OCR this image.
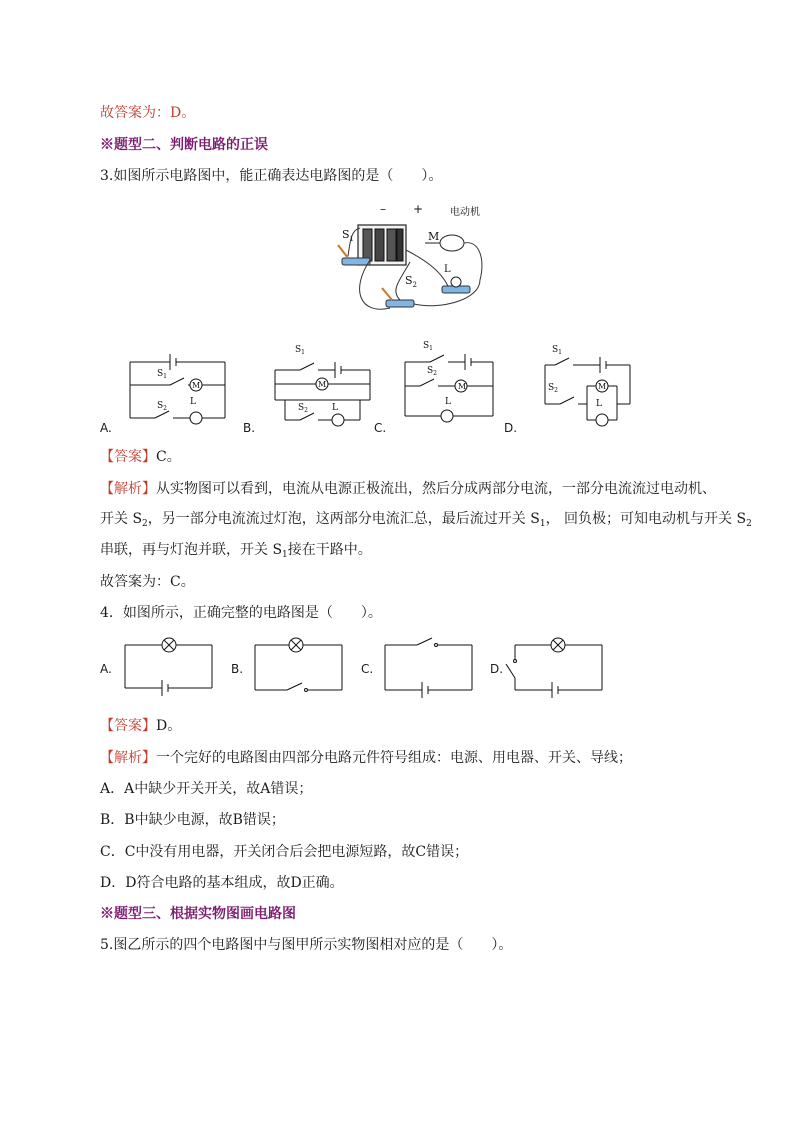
故答案为：D。
※题型二、判断电路的正误
3.如图所示电路图中，能正确表达电路图的是（　　）。
– +	电动机
$S_1$	M
L
$S_2$
M
$S_1$
L
$S_2$
$S_1$
M
$S_2$	L
$S_1$
$S_2$
M
L
$S_1$
$S_2$	M
L
A.	B.	C.	D.
【答案】C。
【解析】从实物图可以看到，电流从电源正极流出，然后分成两部分电流，一部分电流流过电动机、
开关 $S_2$，另一部分电流流过灯泡，这两部分电流汇总，最后流过开关 $S_1$， 回负极；可知电动机与开关 $S_2$
串联，再与灯泡并联，开关 $S_1$接在干路中。
故答案为：C。
4．如图所示，正确完整的电路图是（　　）。
A.	B.	C.	D.
【答案】D。
【解析】一个完好的电路图由四部分电路元件符号组成：电源、用电器、开关、导线；
A．A中缺少开关开关，故A错误；
B．B中缺少电源，故B错误；
C．C中没有用电器，开关闭合后会把电源短路，故C错误；
D．D符合电路的基本组成，故D正确。
※题型三、根据实物图画电路图
5.图乙所示的四个电路图中与图甲所示实物图相对应的是（　　）。
